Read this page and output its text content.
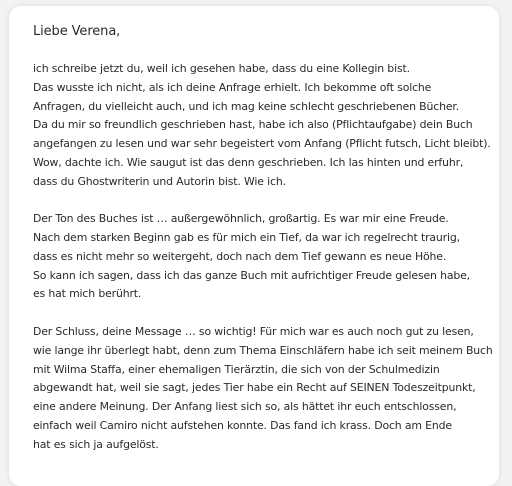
Liebe Verena,
ich schreibe jetzt du, weil ich gesehen habe, dass du eine Kollegin bist.
Das wusste ich nicht, als ich deine Anfrage erhielt. Ich bekomme oft solche
Anfragen, du vielleicht auch, und ich mag keine schlecht geschriebenen Bücher.
Da du mir so freundlich geschrieben hast, habe ich also (Pflichtaufgabe) dein Buch
angefangen zu lesen und war sehr begeistert vom Anfang (Pflicht futsch, Licht bleibt).
Wow, dachte ich. Wie saugut ist das denn geschrieben. Ich las hinten und erfuhr,
dass du Ghostwriterin und Autorin bist. Wie ich.
Der Ton des Buches ist … außergewöhnlich, großartig. Es war mir eine Freude.
Nach dem starken Beginn gab es für mich ein Tief, da war ich regelrecht traurig,
dass es nicht mehr so weitergeht, doch nach dem Tief gewann es neue Höhe.
So kann ich sagen, dass ich das ganze Buch mit aufrichtiger Freude gelesen habe,
es hat mich berührt.
Der Schluss, deine Message … so wichtig! Für mich war es auch noch gut zu lesen,
wie lange ihr überlegt habt, denn zum Thema Einschläfern habe ich seit meinem Buch
mit Wilma Staffa, einer ehemaligen Tierärztin, die sich von der Schulmedizin
abgewandt hat, weil sie sagt, jedes Tier habe ein Recht auf SEINEN Todeszeitpunkt,
eine andere Meinung. Der Anfang liest sich so, als hättet ihr euch entschlossen,
einfach weil Camiro nicht aufstehen konnte. Das fand ich krass. Doch am Ende
hat es sich ja aufgelöst.
